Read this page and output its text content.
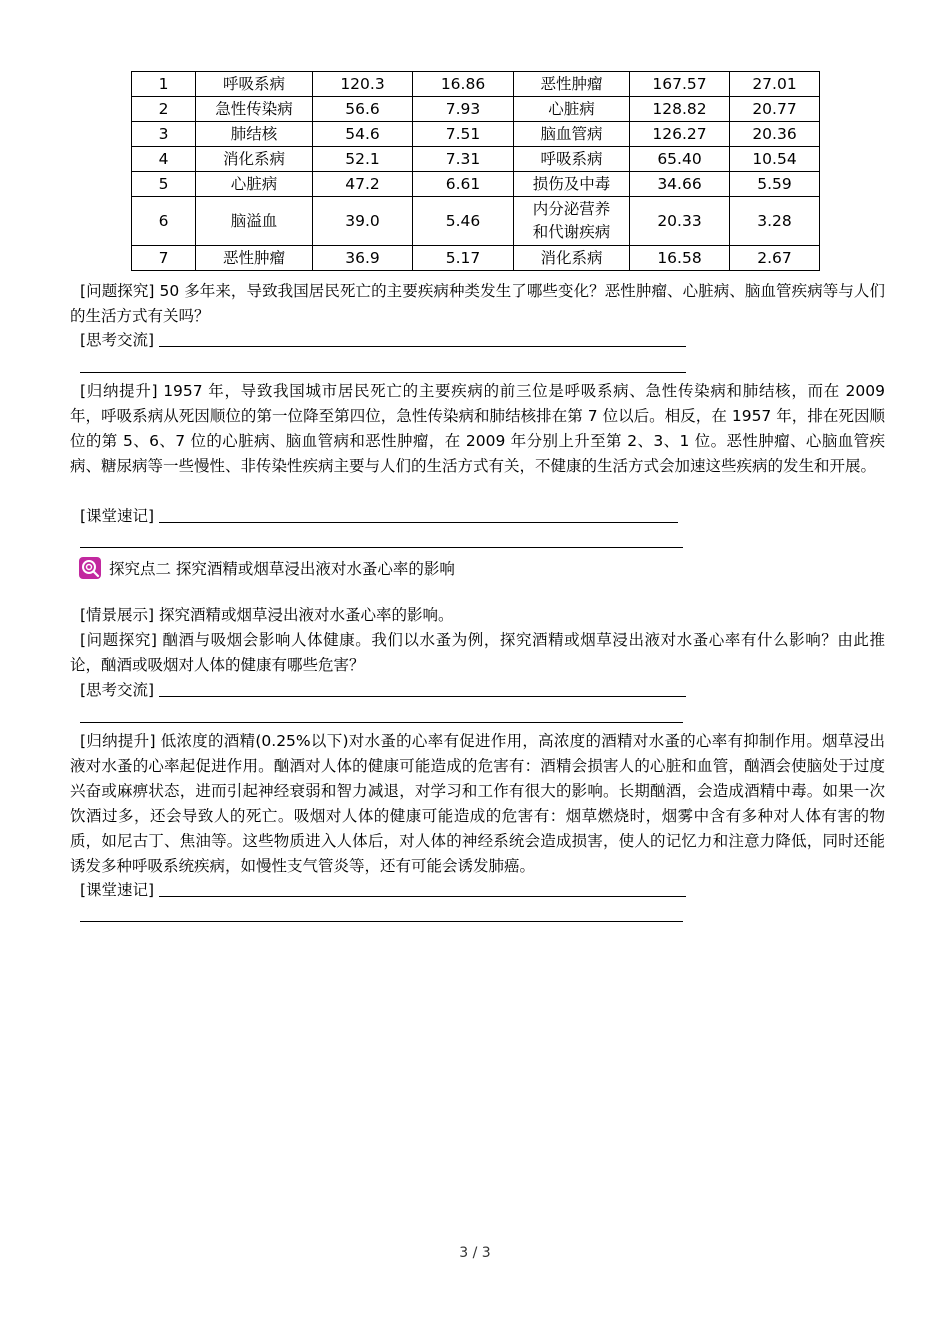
1	呼吸系病	120.3	16.86	恶性肿瘤	167.57	27.01
2	急性传染病	56.6	7.93	心脏病	128.82	20.77
3	肺结核	54.6	7.51	脑血管病	126.27	20.36
4	消化系病	52.1	7.31	呼吸系病	65.40	10.54
5	心脏病	47.2	6.61	损伤及中毒	34.66	5.59
6	脑溢血	39.0	5.46	内分泌营养
和代谢疾病	20.33	3.28
7	恶性肿瘤	36.9	5.17	消化系病	16.58	2.67

[问题探究] 50 多年来，导致我国居民死亡的主要疾病种类发生了哪些变化？恶性肿瘤、心脏病、脑血管疾病等与人们的生活方式有关吗？

[思考交流]

[归纳提升] 1957 年，导致我国城市居民死亡的主要疾病的前三位是呼吸系病、急性传染病和肺结核，而在 2009 年，呼吸系病从死因顺位的第一位降至第四位，急性传染病和肺结核排在第 7 位以后。相反，在 1957 年，排在死因顺位的第 5、6、7 位的心脏病、脑血管病和恶性肿瘤，在 2009 年分别上升至第 2、3、1 位。恶性肿瘤、心脑血管疾病、糖尿病等一些慢性、非传染性疾病主要与人们的生活方式有关，不健康的生活方式会加速这些疾病的发生和开展。

[课堂速记]
探究点二 探究酒精或烟草浸出液对水蚤心率的影响

[情景展示] 探究酒精或烟草浸出液对水蚤心率的影响。

[问题探究] 酗酒与吸烟会影响人体健康。我们以水蚤为例，探究酒精或烟草浸出液对水蚤心率有什么影响？由此推论，酗酒或吸烟对人体的健康有哪些危害？

[思考交流]

[归纳提升] 低浓度的酒精(0.25%以下)对水蚤的心率有促进作用，高浓度的酒精对水蚤的心率有抑制作用。烟草浸出液对水蚤的心率起促进作用。酗酒对人体的健康可能造成的危害有：酒精会损害人的心脏和血管，酗酒会使脑处于过度兴奋或麻痹状态，进而引起神经衰弱和智力减退，对学习和工作有很大的影响。长期酗酒，会造成酒精中毒。如果一次饮酒过多，还会导致人的死亡。吸烟对人体的健康可能造成的危害有：烟草燃烧时，烟雾中含有多种对人体有害的物质，如尼古丁、焦油等。这些物质进入人体后，对人体的神经系统会造成损害，使人的记忆力和注意力降低，同时还能诱发多种呼吸系统疾病，如慢性支气管炎等，还有可能会诱发肺癌。

[课堂速记]
3 / 3
